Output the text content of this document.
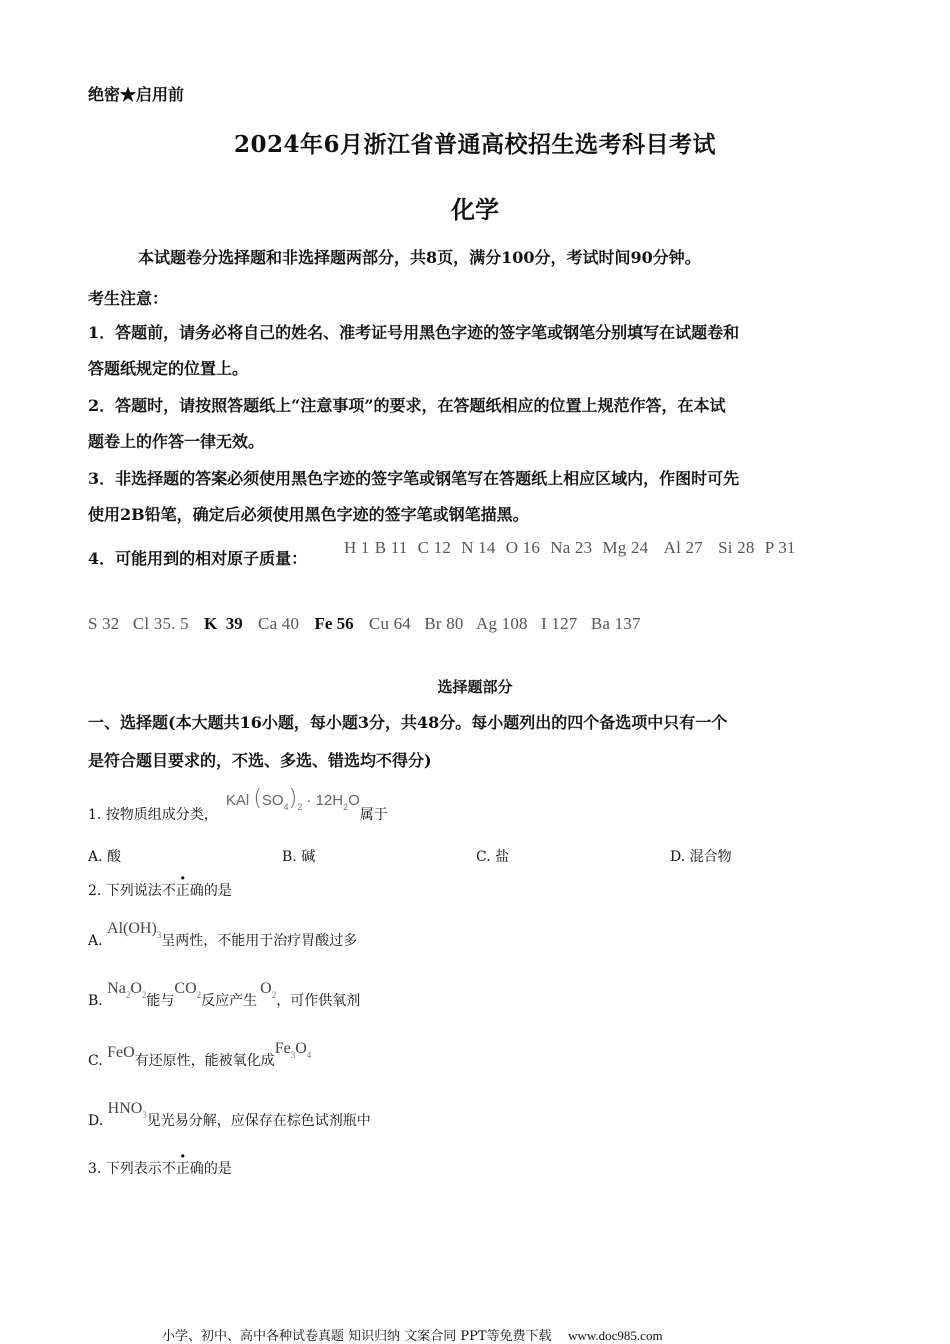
绝密★启用前
2024年6月浙江省普通高校招生选考科目考试
化学
本试题卷分选择题和非选择题两部分，共8页，满分100分，考试时间90分钟。
考生注意：
1．答题前，请务必将自己的姓名、准考证号用黑色字迹的签字笔或钢笔分别填写在试题卷和
答题纸规定的位置上。
2．答题时，请按照答题纸上“注意事项”的要求，在答题纸相应的位置上规范作答，在本试
题卷上的作答一律无效。
3．非选择题的答案必须使用黑色字迹的签字笔或钢笔写在答题纸上相应区域内，作图时可先
使用2B铅笔，确定后必须使用黑色字迹的签字笔或钢笔描黑。
4．可能用到的相对原子质量：
H 1 B 11 C 12 N 14 O 16 Na 23 Mg 24 Al 27 Si 28 P 31
S 32   Cl 35. 5 K  39 Ca 40 Fe 56 Cu 64   Br 80   Ag 108   I 127   Ba 137
选择题部分
一、选择题(本大题共16小题，每小题3分，共48分。每小题列出的四个备选项中只有一个
是符合题目要求的，不选、多选、错选均不得分)
1. 按物质组成分类，KAl $(SO_4)_2 \cdot 12H_2O$属于
A. 酸	B. 碱	C. 盐	D. 混合物
2. 下列说法不正确的是
A. $Al(OH)_3$呈两性，不能用于治疗胃酸过多
B. $Na_2O_2$能与$CO_2$反应产生$O_2$，可作供氧剂
C. FeO有还原性，能被氧化成$Fe_3O_4$
D. $HNO_3$见光易分解，应保存在棕色试剂瓶中
3. 下列表示不正确的是
小学、初中、高中各种试卷真题 知识归纳 文案合同 PPT等免费下载 www.doc985.com
